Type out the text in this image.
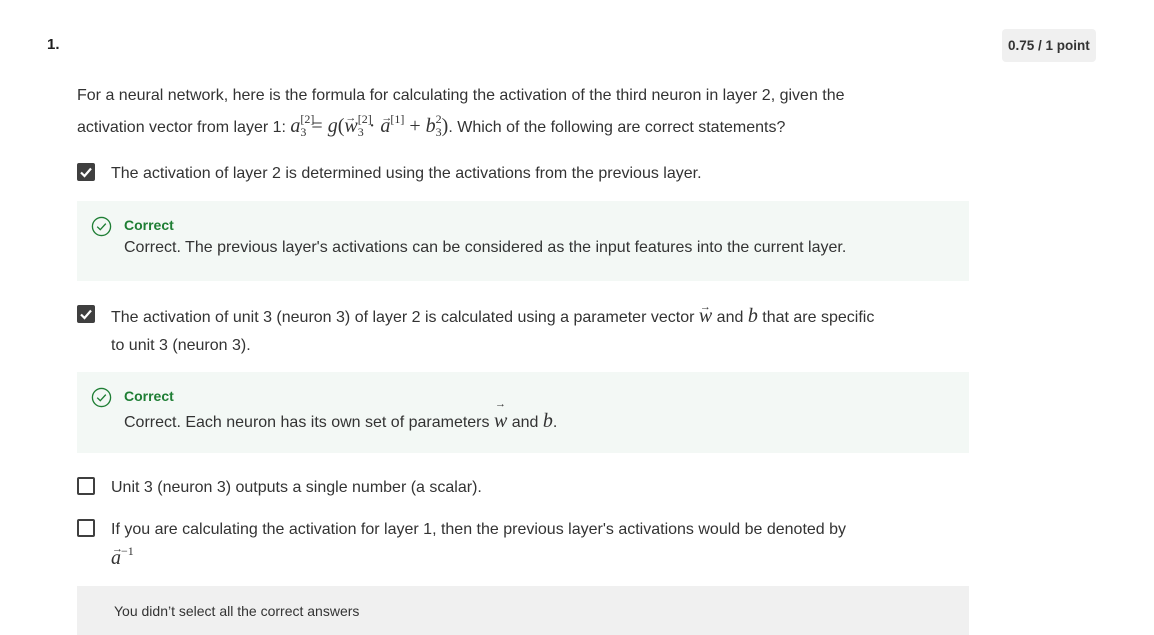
1.	0.75 / 1 point
For a neural network, here is the formula for calculating the activation of the third neuron in layer 2, given the
activation vector from layer 1: $a[2]_3 = g(\to w[2]_3$ · → $a[1] + b^2_3$). Which of the following are correct statements?
The activation of layer 2 is determined using the activations from the previous layer.
Correct
Correct. The previous layer's activations can be considered as the input features into the current layer.
The activation of unit 3 (neuron 3) of layer 2 is calculated using a parameter vector → w and b that are specific
to unit 3 (neuron 3).
Correct
Correct. Each neuron has its own set of parameters → w and b.
Unit 3 (neuron 3) outputs a single number (a scalar).
If you are calculating the activation for layer 1, then the previous layer's activations would be denoted by
→ $a^{-1}$
You didn’t select all the correct answers
